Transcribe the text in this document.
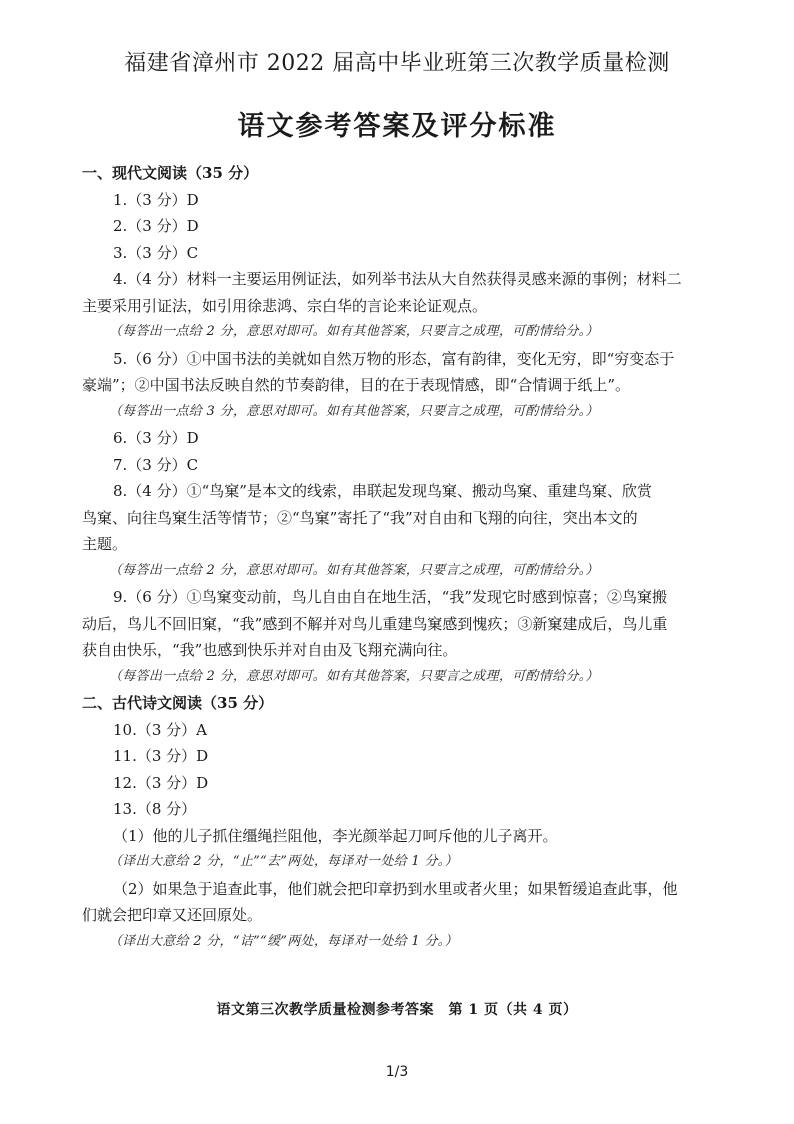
福建省漳州市 2022 届高中毕业班第三次教学质量检测
语文参考答案及评分标准
一、现代文阅读（35 分）
1.（3 分）D
2.（3 分）D
3.（3 分）C
4.（4 分）材料一主要运用例证法，如列举书法从大自然获得灵感来源的事例；材料二
主要采用引证法，如引用徐悲鸿、宗白华的言论来论证观点。
（每答出一点给 2 分，意思对即可。如有其他答案，只要言之成理，可酌情给分。）
5.（6 分）①中国书法的美就如自然万物的形态，富有韵律，变化无穷，即“穷变态于
豪端”；②中国书法反映自然的节奏韵律，目的在于表现情感，即“合情调于纸上”。
（每答出一点给 3 分，意思对即可。如有其他答案，只要言之成理，可酌情给分。）
6.（3 分）D
7.（3 分）C
8.（4 分）①“鸟窠”是本文的线索，串联起发现鸟窠、搬动鸟窠、重建鸟窠、欣赏
鸟窠、向往鸟窠生活等情节；②“鸟窠”寄托了“我”对自由和飞翔的向往，突出本文的
主题。
（每答出一点给 2 分，意思对即可。如有其他答案，只要言之成理，可酌情给分。）
9.（6 分）①鸟窠变动前，鸟儿自由自在地生活，“我”发现它时感到惊喜；②鸟窠搬
动后，鸟儿不回旧窠，“我”感到不解并对鸟儿重建鸟窠感到愧疚；③新窠建成后，鸟儿重
获自由快乐，“我”也感到快乐并对自由及飞翔充满向往。
（每答出一点给 2 分，意思对即可。如有其他答案，只要言之成理，可酌情给分。）
二、古代诗文阅读（35 分）
10.（3 分）A
11.（3 分）D
12.（3 分）D
13.（8 分）
（1）他的儿子抓住缰绳拦阻他，李光颜举起刀呵斥他的儿子离开。
（译出大意给 2 分，“止”“去”两处，每译对一处给 1 分。）
（2）如果急于追查此事，他们就会把印章扔到水里或者火里；如果暂缓追查此事，他
们就会把印章又还回原处。
（译出大意给 2 分，“诘”“缓”两处，每译对一处给 1 分。）
语文第三次教学质量检测参考答案　第 1 页（共 4 页）
1/3
